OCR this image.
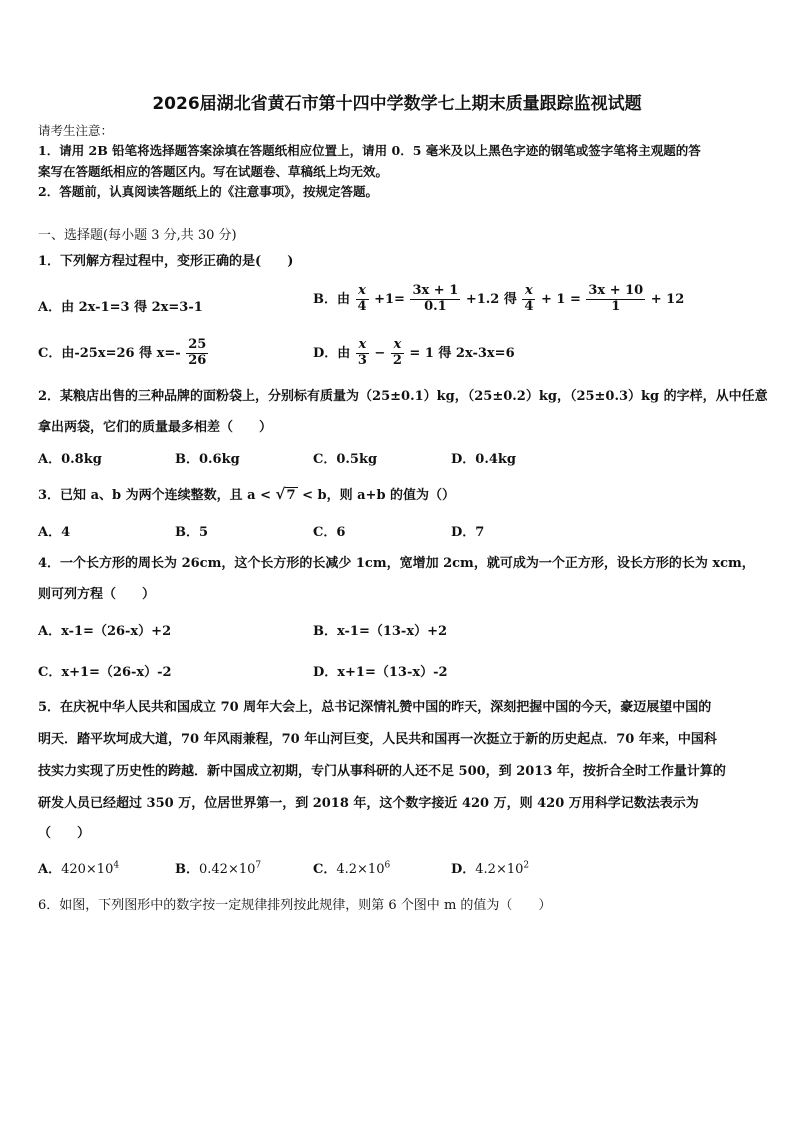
2026届湖北省黄石市第十四中学数学七上期末质量跟踪监视试题
请考生注意：
1．请用 2B 铅笔将选择题答案涂填在答题纸相应位置上，请用 0．5 毫米及以上黑色字迹的钢笔或签字笔将主观题的答
案写在答题纸相应的答题区内。写在试题卷、草稿纸上均无效。
2．答题前，认真阅读答题纸上的《注意事项》，按规定答题。
一、选择题(每小题 3 分,共 30 分)
1．下列解方程过程中，变形正确的是(　　)
A．由 2x-1=3 得 2x=3-1
B．由 $\frac{x}{4} +1= \frac{3x + 1}{0.1} +1.2$ 得 $\frac{x}{4} + 1 = \frac{3x + 10}{1} + 12$
C．由-25x=26 得 $x=- \frac{25}{26}$	D．由 $\frac{x}{3} - \frac{x}{2} = 1$ 得 2x-3x=6
2．某粮店出售的三种品牌的面粉袋上，分别标有质量为（25±0.1）kg，（25±0.2）kg，（25±0.3）kg 的字样，从中任意
拿出两袋，它们的质量最多相差（　　）
A．0.8kg	B．0.6kg	C．0.5kg	D．0.4kg
3．已知 a、b 为两个连续整数，且 a < √ 7 < b，则 a+b 的值为（）
A．4	B．5	C．6	D．7
4．一个长方形的周长为 26cm，这个长方形的长减少 1cm，宽增加 2cm，就可成为一个正方形，设长方形的长为 xcm，
则可列方程（　　）
A．x-1=（26-x）+2	B．x-1=（13-x）+2
C．x+1=（26-x）-2	D．x+1=（13-x）-2
5．在庆祝中华人民共和国成立 70 周年大会上，总书记深情礼赞中国的昨天，深刻把握中国的今天，豪迈展望中国的
明天．踏平坎坷成大道，70 年风雨兼程，70 年山河巨变，人民共和国再一次挺立于新的历史起点．70 年来，中国科
技实力实现了历史性的跨越．新中国成立初期，专门从事科研的人还不足 500，到 2013 年，按折合全时工作量计算的
研发人员已经超过 350 万，位居世界第一，到 2018 年，这个数字接近 420 万，则 420 万用科学记数法表示为
（　　）
A．$420\times 10^4$	B．$0.42\times 10^7$	C．$4.2\times 10^6$	D．$4.2\times 10^2$
6．如图，下列图形中的数字按一定规律排列按此规律，则第 6 个图中 m 的值为（　　）
